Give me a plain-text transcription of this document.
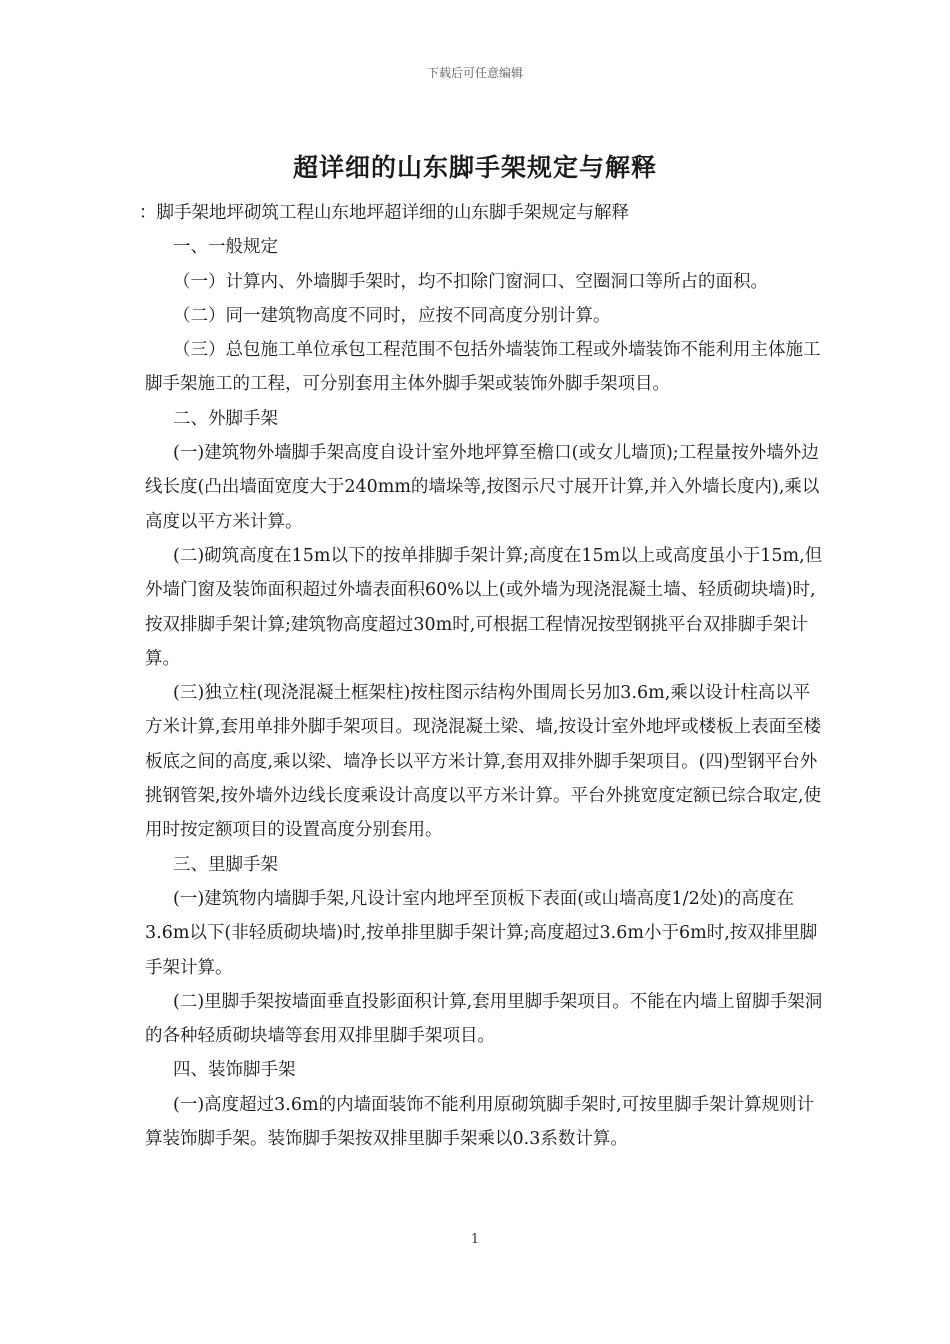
下载后可任意编辑
超详细的山东脚手架规定与解释

：脚手架地坪砌筑工程山东地坪超详细的山东脚手架规定与解释

一、一般规定

（一）计算内、外墙脚手架时，均不扣除门窗洞口、空圈洞口等所占的面积。

（二）同一建筑物高度不同时，应按不同高度分别计算。

（三）总包施工单位承包工程范围不包括外墙装饰工程或外墙装饰不能利用主体施工脚手架施工的工程，可分别套用主体外脚手架或装饰外脚手架项目。

二、外脚手架

(一)建筑物外墙脚手架高度自设计室外地坪算至檐口(或女儿墙顶);工程量按外墙外边线长度(凸出墙面宽度大于240mm的墙垛等,按图示尺寸展开计算,并入外墙长度内),乘以高度以平方米计算。

(二)砌筑高度在15m以下的按单排脚手架计算;高度在15m以上或高度虽小于15m,但外墙门窗及装饰面积超过外墙表面积60%以上(或外墙为现浇混凝土墙、轻质砌块墙)时,按双排脚手架计算;建筑物高度超过30m时,可根据工程情况按型钢挑平台双排脚手架计算。

(三)独立柱(现浇混凝土框架柱)按柱图示结构外围周长另加3.6m,乘以设计柱高以平方米计算,套用单排外脚手架项目。现浇混凝土梁、墙,按设计室外地坪或楼板上表面至楼板底之间的高度,乘以梁、墙净长以平方米计算,套用双排外脚手架项目。(四)型钢平台外挑钢管架,按外墙外边线长度乘设计高度以平方米计算。平台外挑宽度定额已综合取定,使用时按定额项目的设置高度分别套用。

三、里脚手架

(一)建筑物内墙脚手架,凡设计室内地坪至顶板下表面(或山墙高度1/2处)的高度在3.6m以下(非轻质砌块墙)时,按单排里脚手架计算;高度超过3.6m小于6m时,按双排里脚手架计算。

(二)里脚手架按墙面垂直投影面积计算,套用里脚手架项目。不能在内墙上留脚手架洞的各种轻质砌块墙等套用双排里脚手架项目。

四、装饰脚手架

(一)高度超过3.6m的内墙面装饰不能利用原砌筑脚手架时,可按里脚手架计算规则计算装饰脚手架。装饰脚手架按双排里脚手架乘以0.3系数计算。

1
